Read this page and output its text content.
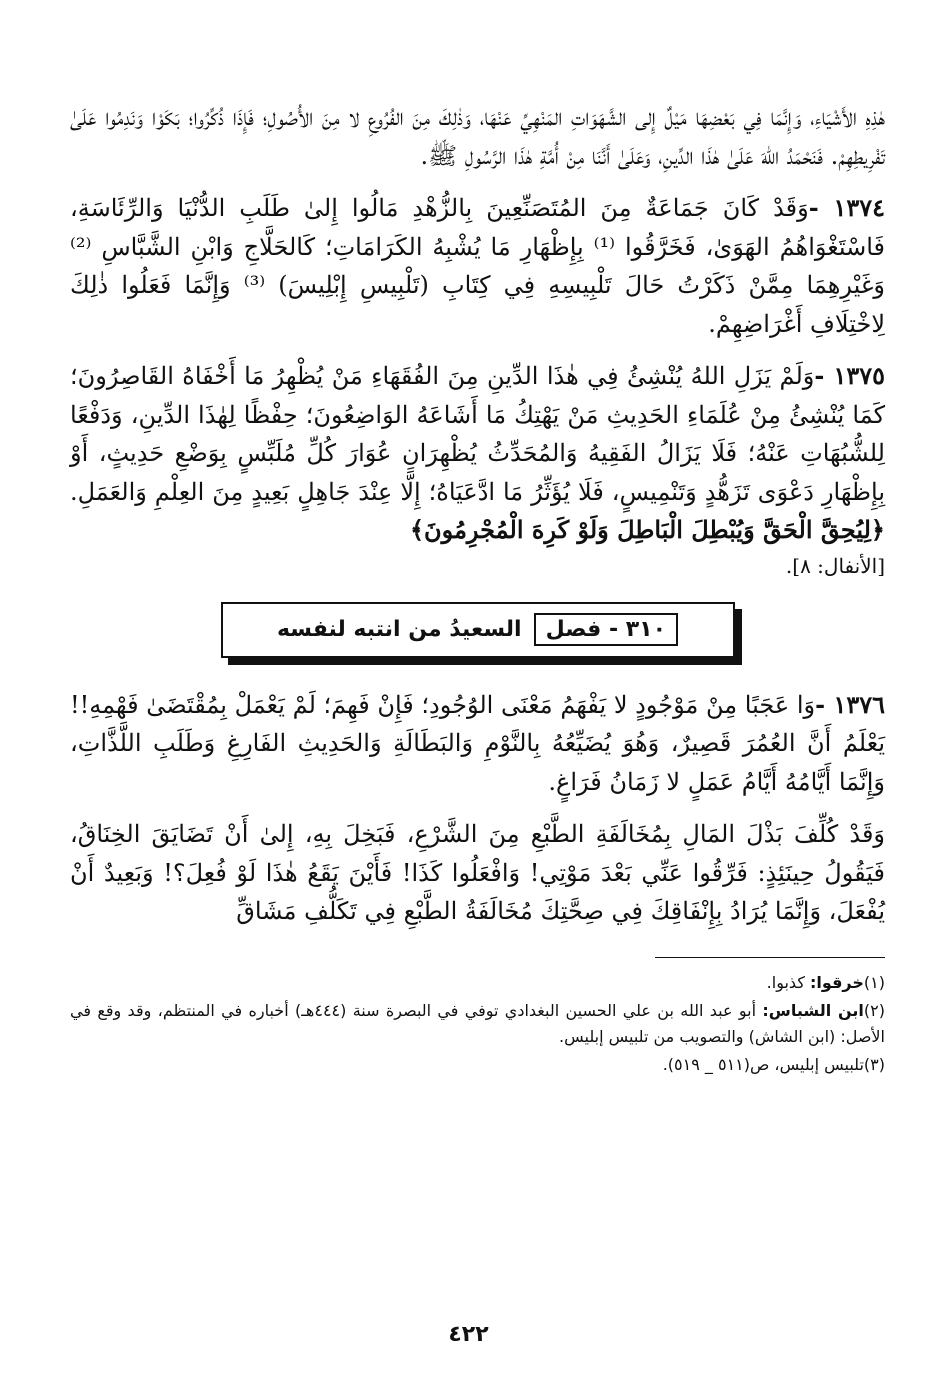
هٰذِهِ الأَشْيَاءِ، وَإِنَّمَا فِي بَعْضِهَا مَيْلٌ إِلى الشَّهَوَاتِ المَنْهِيِّ عَنْهَا، وَذٰلِكَ مِنَ الفُرُوعِ لا مِنَ الأُصُولِ؛ فَإِذَا ذُكِّرُوا؛ بَكَوْا وَنَدِمُوا عَلَىٰ تَفْرِيطِهِمْ. فَنَحْمَدُ اللهَ عَلَىٰ هٰذَا الدِّينِ، وَعَلَىٰ أَنَّنَا مِنْ أُمَّةِ هٰذَا الرَّسُولِ ﷺ.

١٣٧٤ -وَقَدْ كَانَ جَمَاعَةٌ مِنَ المُتَصَنِّعِينَ بِالزُّهْدِ مَالُوا إِلىٰ طَلَبِ الدُّنْيَا وَالرِّئَاسَةِ، فَاسْتَغْوَاهُمُ الهَوَىٰ، فَخَرَّقُوا ⁽¹⁾ بِإِظْهَارِ مَا يُشْبِهُ الكَرَامَاتِ؛ كَالحَلَّاجِ وَابْنِ الشَّبَّاسِ ⁽²⁾ وَغَيْرِهِمَا مِمَّنْ ذَكَرْتُ حَالَ تَلْبِيسِهِ فِي كِتَابِ (تَلْبِيسِ إِبْلِيسَ) ⁽³⁾ وَإِنَّمَا فَعَلُوا ذٰلِكَ لِاخْتِلَافِ أَغْرَاضِهِمْ.

١٣٧٥ -وَلَمْ يَزَلِ اللهُ يُنْشِئُ فِي هٰذَا الدِّينِ مِنَ الفُقَهَاءِ مَنْ يُظْهِرُ مَا أَخْفَاهُ القَاصِرُونَ؛ كَمَا يُنْشِئُ مِنْ عُلَمَاءِ الحَدِيثِ مَنْ يَهْتِكُ مَا أَشَاعَهُ الوَاضِعُونَ؛ حِفْظًا لِهٰذَا الدِّينِ، وَدَفْعًا لِلشُّبُهَاتِ عَنْهُ؛ فَلَا يَزَالُ الفَقِيهُ وَالمُحَدِّثُ يُظْهِرَانِ عُوَارَ كُلِّ مُلَبِّسٍ بِوَضْعِ حَدِيثٍ، أَوْ بِإِظْهَارِ دَعْوَى تَزَهُّدٍ وَتَنْمِيسٍ، فَلَا يُؤَثِّرُ مَا ادَّعَيَاهُ؛ إِلَّا عِنْدَ جَاهِلٍ بَعِيدٍ مِنَ العِلْمِ وَالعَمَلِ. ﴿لِيُحِقَّ الْحَقَّ وَيُبْطِلَ الْبَاطِلَ وَلَوْ كَرِهَ الْمُجْرِمُونَ﴾

[الأنفال: ٨].
٣١٠ - فصل
السعيدُ من انتبه لنفسه

١٣٧٦ -وَا عَجَبًا مِنْ مَوْجُودٍ لا يَفْهَمُ مَعْنَى الوُجُودِ؛ فَإِنْ فَهِمَ؛ لَمْ يَعْمَلْ بِمُقْتَضَىٰ فَهْمِهِ!! يَعْلَمُ أَنَّ العُمُرَ قَصِيرٌ، وَهُوَ يُضَيِّعُهُ بِالنَّوْمِ وَالبَطَالَةِ وَالحَدِيثِ الفَارِغِ وَطَلَبِ اللَّذَّاتِ، وَإِنَّمَا أَيَّامُهُ أَيَّامُ عَمَلٍ لا زَمَانُ فَرَاغٍ.

وَقَدْ كُلِّفَ بَذْلَ المَالِ بِمُخَالَفَةِ الطَّبْعِ مِنَ الشَّرْعِ، فَبَخِلَ بِهِ، إِلىٰ أَنْ تَضَايَقَ الخِنَاقُ، فَيَقُولُ حِينَئِذٍ: فَرِّقُوا عَنِّي بَعْدَ مَوْتِي! وَافْعَلُوا كَذَا! فَأَيْنَ يَقَعُ هٰذَا لَوْ فُعِلَ؟! وَبَعِيدٌ أَنْ يُفْعَلَ، وَإِنَّمَا يُرَادُ بِإِنْفَاقِكَ فِي صِحَّتِكَ مُخَالَفَةُ الطَّبْعِ فِي تَكَلُّفِ مَشَاقِّ

(١)خرقوا: كذبوا.

(٢)ابن الشباس: أبو عبد الله بن علي الحسين البغدادي توفي في البصرة سنة (٤٤٤هـ) أخباره في المنتظم، وقد وقع في الأصل: (ابن الشاش) والتصويب من تلبيس إبليس.

(٣)تلبيس إبليس، ص(٥١١ _ ٥١٩).

٤٢٢
